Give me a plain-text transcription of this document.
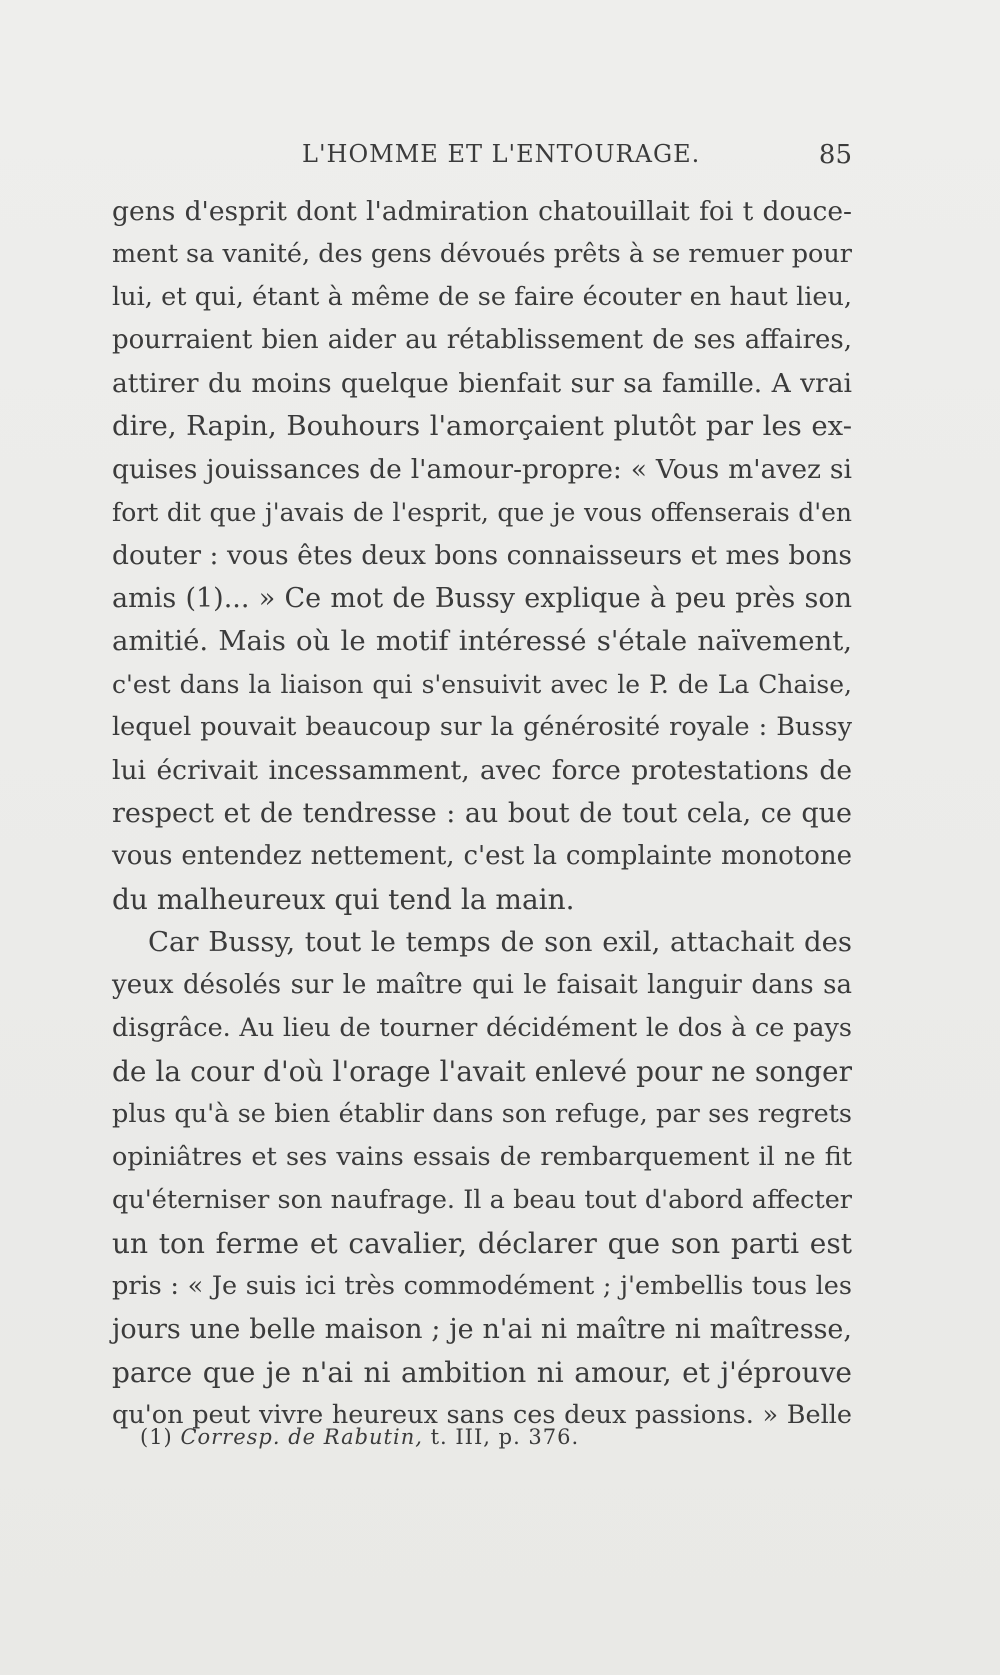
L'HOMME ET L'ENTOURAGE.	85
gens d'esprit dont l'admiration chatouillait foi t douce-
ment sa vanité, des gens dévoués prêts à se remuer pour
lui, et qui, étant à même de se faire écouter en haut lieu,
pourraient bien aider au rétablissement de ses affaires,
attirer du moins quelque bienfait sur sa famille. A vrai
dire, Rapin, Bouhours l'amorçaient plutôt par les ex-
quises jouissances de l'amour-propre: « Vous m'avez si
fort dit que j'avais de l'esprit, que je vous offenserais d'en
douter : vous êtes deux bons connaisseurs et mes bons
amis (1)... » Ce mot de Bussy explique à peu près son
amitié. Mais où le motif intéressé s'étale naïvement,
c'est dans la liaison qui s'ensuivit avec le P. de La Chaise,
lequel pouvait beaucoup sur la générosité royale : Bussy
lui écrivait incessamment, avec force protestations de
respect et de tendresse : au bout de tout cela, ce que
vous entendez nettement, c'est la complainte monotone
du malheureux qui tend la main.
Car Bussy, tout le temps de son exil, attachait des
yeux désolés sur le maître qui le faisait languir dans sa
disgrâce. Au lieu de tourner décidément le dos à ce pays
de la cour d'où l'orage l'avait enlevé pour ne songer
plus qu'à se bien établir dans son refuge, par ses regrets
opiniâtres et ses vains essais de rembarquement il ne fit
qu'éterniser son naufrage. Il a beau tout d'abord affecter
un ton ferme et cavalier, déclarer que son parti est
pris : « Je suis ici très commodément ; j'embellis tous les
jours une belle maison ; je n'ai ni maître ni maîtresse,
parce que je n'ai ni ambition ni amour, et j'éprouve
qu'on peut vivre heureux sans ces deux passions. » Belle
(1) Corresp. de Rabutin, t. III, p. 376.
